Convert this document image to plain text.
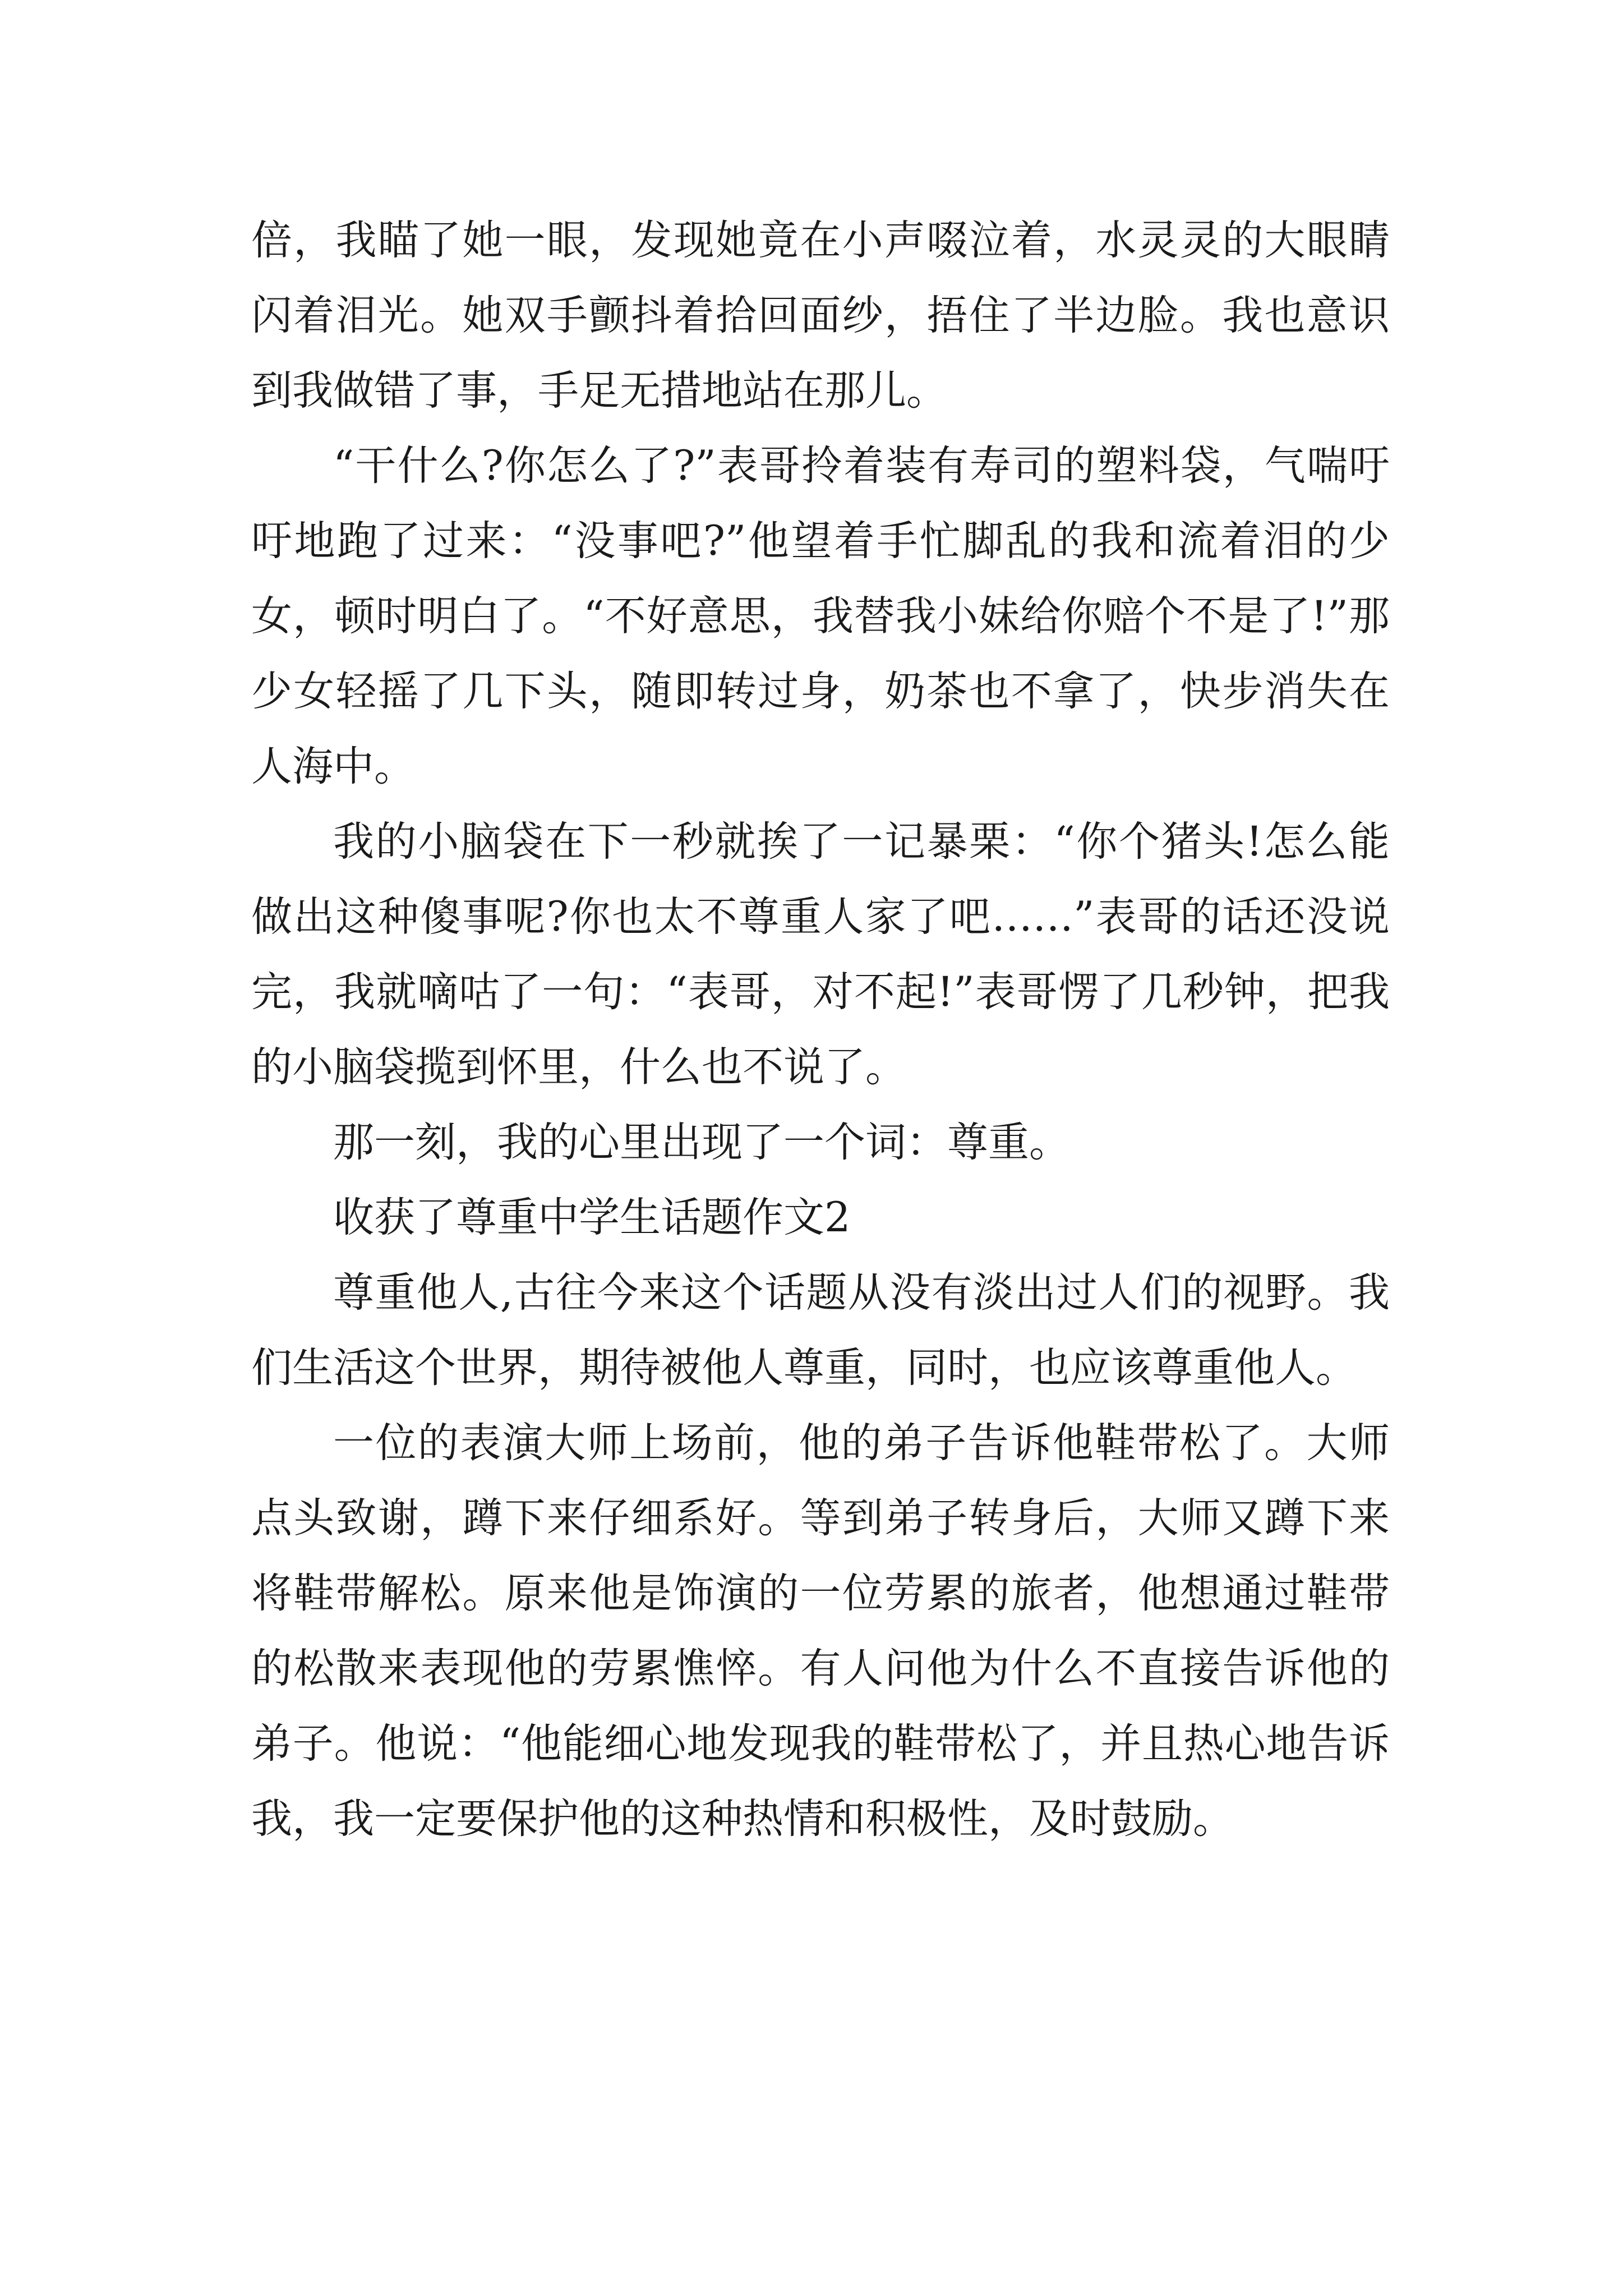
倍，我瞄了她一眼，发现她竟在小声啜泣着，水灵灵的大眼睛闪着泪光。她双手颤抖着拾回面纱，捂住了半边脸。我也意识到我做错了事，手足无措地站在那儿。

“干什么?你怎么了?”表哥拎着装有寿司的塑料袋，气喘吁吁地跑了过来：“没事吧?”他望着手忙脚乱的我和流着泪的少女，顿时明白了。“不好意思，我替我小妹给你赔个不是了!”那少女轻摇了几下头，随即转过身，奶茶也不拿了，快步消失在人海中。

我的小脑袋在下一秒就挨了一记暴栗：“你个猪头!怎么能做出这种傻事呢?你也太不尊重人家了吧……”表哥的话还没说完，我就嘀咕了一句：“表哥，对不起!”表哥愣了几秒钟，把我的小脑袋揽到怀里，什么也不说了。

那一刻，我的心里出现了一个词：尊重。

收获了尊重中学生话题作文2

尊重他人,古往今来这个话题从没有淡出过人们的视野。我们生活这个世界，期待被他人尊重，同时，也应该尊重他人。

一位的表演大师上场前，他的弟子告诉他鞋带松了。大师点头致谢，蹲下来仔细系好。等到弟子转身后，大师又蹲下来将鞋带解松。原来他是饰演的一位劳累的旅者，他想通过鞋带的松散来表现他的劳累憔悴。有人问他为什么不直接告诉他的弟子。他说：“他能细心地发现我的鞋带松了，并且热心地告诉我，我一定要保护他的这种热情和积极性，及时鼓励。
